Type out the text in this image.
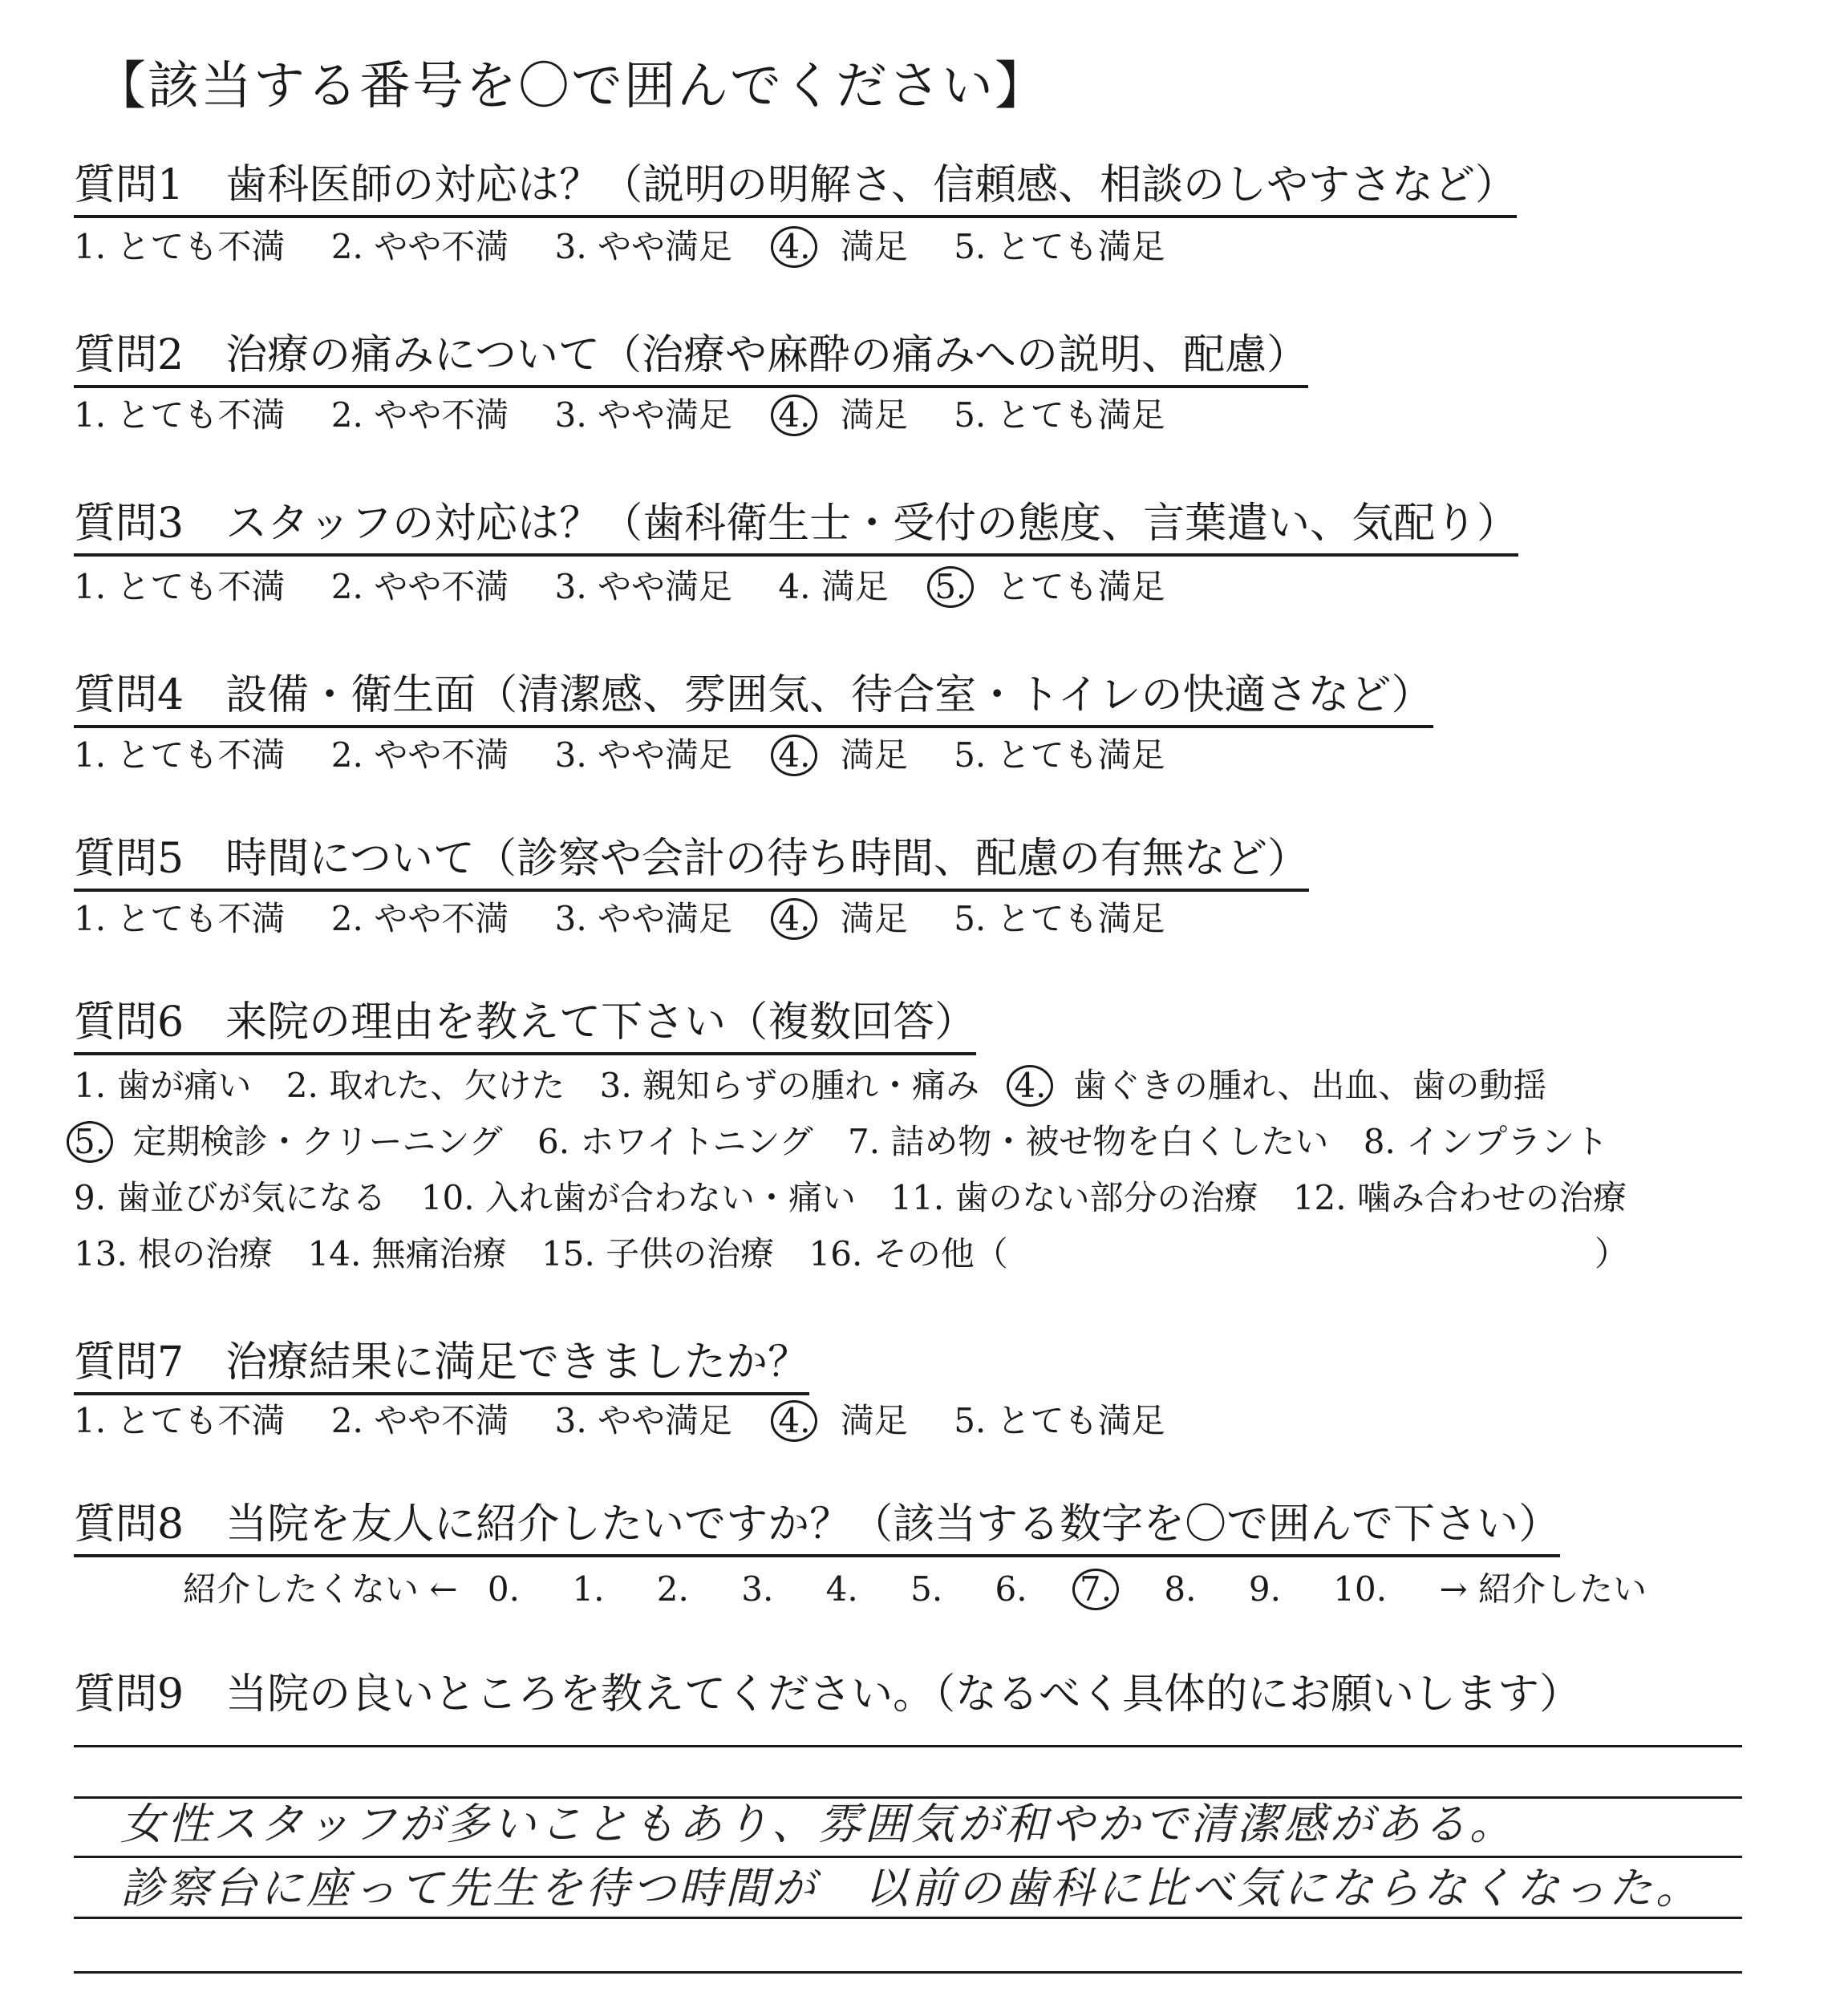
【該当する番号を〇で囲んでください】
質問1　歯科医師の対応は？（説明の明解さ、信頼感、相談のしやすさなど）
1. とても不満 2. やや不満 3. やや満足 4. 満足 5. とても満足
質問2　治療の痛みについて（治療や麻酔の痛みへの説明、配慮）
1. とても不満 2. やや不満 3. やや満足 4. 満足 5. とても満足
質問3　スタッフの対応は？（歯科衛生士・受付の態度、言葉遣い、気配り）
1. とても不満 2. やや不満 3. やや満足 4. 満足 5. とても満足
質問4　設備・衛生面（清潔感、雰囲気、待合室・トイレの快適さなど）
1. とても不満 2. やや不満 3. やや満足 4. 満足 5. とても満足
質問5　時間について（診察や会計の待ち時間、配慮の有無など）
1. とても不満 2. やや不満 3. やや満足 4. 満足 5. とても満足
質問6　来院の理由を教えて下さい（複数回答）
1. 歯が痛い 2. 取れた、欠けた 3. 親知らずの腫れ・痛み 4. 歯ぐきの腫れ、出血、歯の動揺
5. 定期検診・クリーニング 6. ホワイトニング 7. 詰め物・被せ物を白くしたい 8. インプラント
9. 歯並びが気になる 10. 入れ歯が合わない・痛い 11. 歯のない部分の治療 12. 噛み合わせの治療
13. 根の治療 14. 無痛治療 15. 子供の治療 16. その他（	）
質問7　治療結果に満足できましたか？
1. とても不満 2. やや不満 3. やや満足 4. 満足 5. とても満足
質問8　当院を友人に紹介したいですか？（該当する数字を〇で囲んで下さい）
紹介したくない ← 0. 1. 2. 3. 4. 5. 6. 7. 8. 9. 10. → 紹介したい
質問9　当院の良いところを教えてください。（なるべく具体的にお願いします）
女性スタッフが多いこともあり、雰囲気が和やかで清潔感がある。
診察台に座って先生を待つ時間が　以前の歯科に比べ気にならなくなった。
